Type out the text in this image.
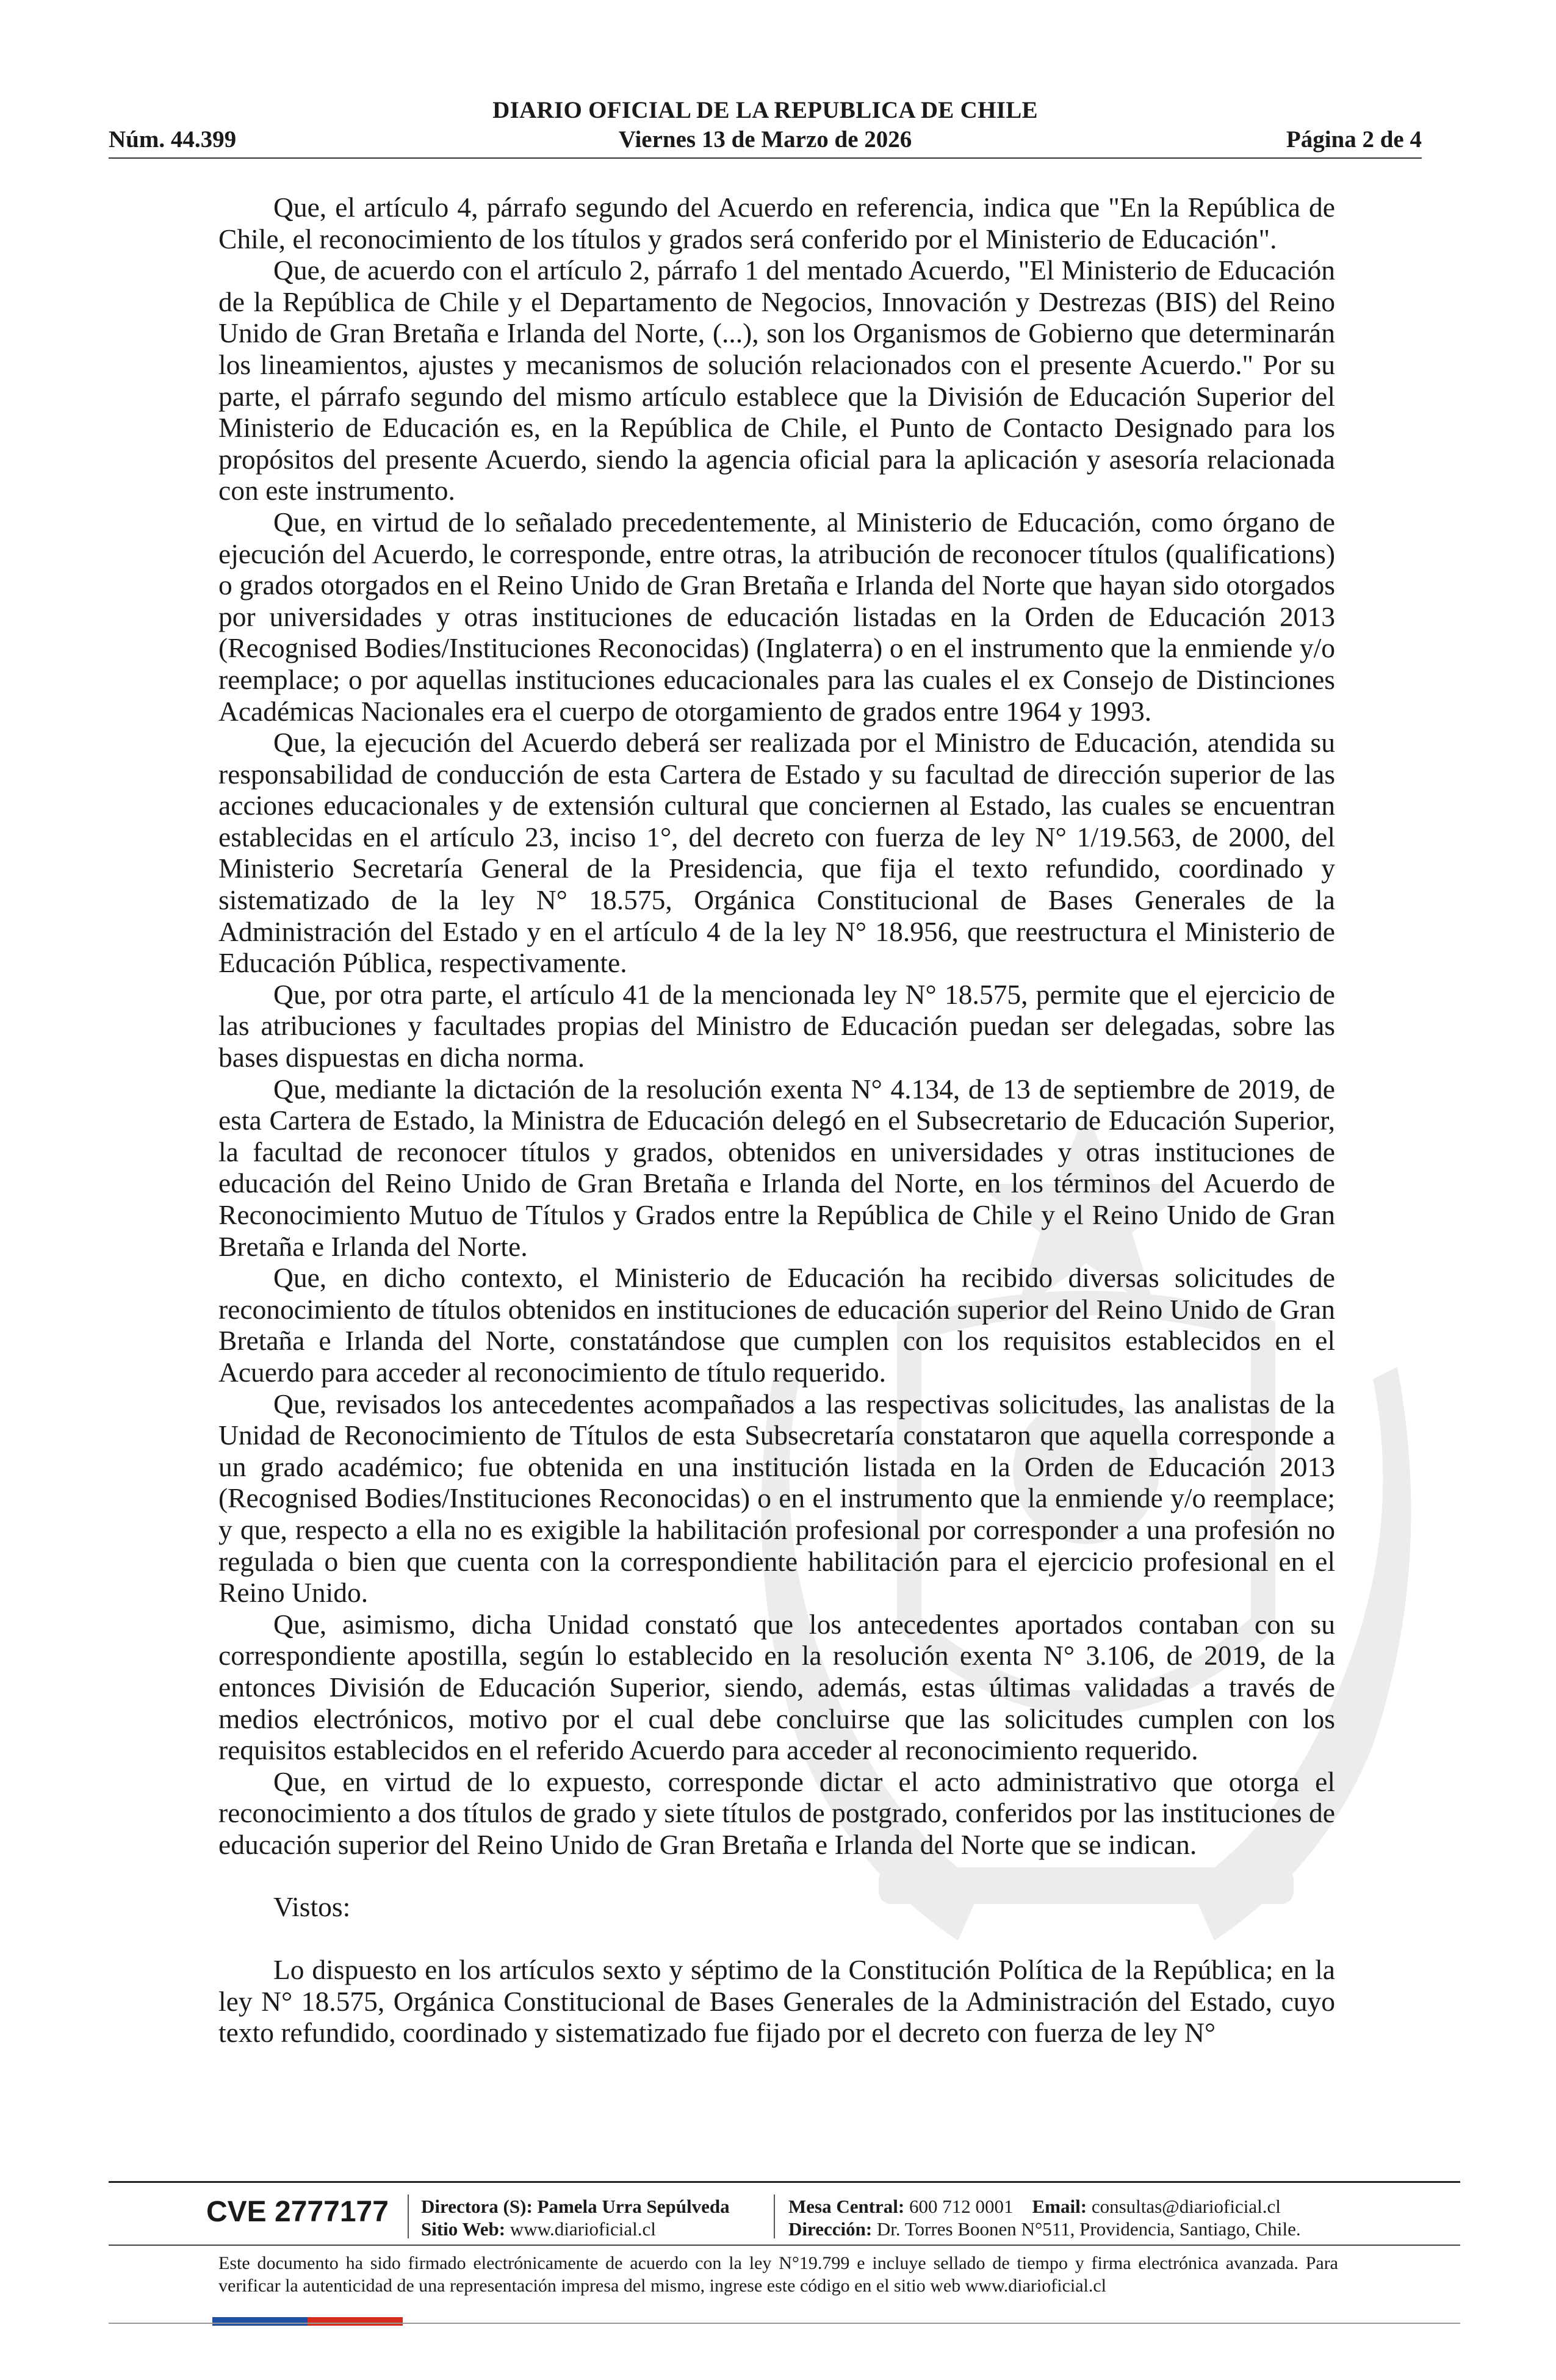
DIARIO OFICIAL DE LA REPUBLICA DE CHILE
Núm. 44.399	Viernes 13 de Marzo de 2026	Página 2 de 4

Que, el artículo 4, párrafo segundo del Acuerdo en referencia, indica que "En la República de Chile, el reconocimiento de los títulos y grados será conferido por el Ministerio de Educación".

Que, de acuerdo con el artículo 2, párrafo 1 del mentado Acuerdo, "El Ministerio de Educación de la República de Chile y el Departamento de Negocios, Innovación y Destrezas (BIS) del Reino Unido de Gran Bretaña e Irlanda del Norte, (...), son los Organismos de Gobierno que determinarán los lineamientos, ajustes y mecanismos de solución relacionados con el presente Acuerdo." Por su parte, el párrafo segundo del mismo artículo establece que la División de Educación Superior del Ministerio de Educación es, en la República de Chile, el Punto de Contacto Designado para los propósitos del presente Acuerdo, siendo la agencia oficial para la aplicación y asesoría relacionada con este instrumento.

Que, en virtud de lo señalado precedentemente, al Ministerio de Educación, como órgano de ejecución del Acuerdo, le corresponde, entre otras, la atribución de reconocer títulos (qualifications) o grados otorgados en el Reino Unido de Gran Bretaña e Irlanda del Norte que hayan sido otorgados por universidades y otras instituciones de educación listadas en la Orden de Educación 2013 (Recognised Bodies/Instituciones Reconocidas) (Inglaterra) o en el instrumento que la enmiende y/o reemplace; o por aquellas instituciones educacionales para las cuales el ex Consejo de Distinciones Académicas Nacionales era el cuerpo de otorgamiento de grados entre 1964 y 1993.

Que, la ejecución del Acuerdo deberá ser realizada por el Ministro de Educación, atendida su responsabilidad de conducción de esta Cartera de Estado y su facultad de dirección superior de las acciones educacionales y de extensión cultural que conciernen al Estado, las cuales se encuentran establecidas en el artículo 23, inciso 1°, del decreto con fuerza de ley N° 1/19.563, de 2000, del Ministerio Secretaría General de la Presidencia, que fija el texto refundido, coordinado y sistematizado de la ley N° 18.575, Orgánica Constitucional de Bases Generales de la Administración del Estado y en el artículo 4 de la ley N° 18.956, que reestructura el Ministerio de Educación Pública, respectivamente.

Que, por otra parte, el artículo 41 de la mencionada ley N° 18.575, permite que el ejercicio de las atribuciones y facultades propias del Ministro de Educación puedan ser delegadas, sobre las bases dispuestas en dicha norma.

Que, mediante la dictación de la resolución exenta N° 4.134, de 13 de septiembre de 2019, de esta Cartera de Estado, la Ministra de Educación delegó en el Subsecretario de Educación Superior, la facultad de reconocer títulos y grados, obtenidos en universidades y otras instituciones de educación del Reino Unido de Gran Bretaña e Irlanda del Norte, en los términos del Acuerdo de Reconocimiento Mutuo de Títulos y Grados entre la República de Chile y el Reino Unido de Gran Bretaña e Irlanda del Norte.

Que, en dicho contexto, el Ministerio de Educación ha recibido diversas solicitudes de reconocimiento de títulos obtenidos en instituciones de educación superior del Reino Unido de Gran Bretaña e Irlanda del Norte, constatándose que cumplen con los requisitos establecidos en el Acuerdo para acceder al reconocimiento de título requerido.

Que, revisados los antecedentes acompañados a las respectivas solicitudes, las analistas de la Unidad de Reconocimiento de Títulos de esta Subsecretaría constataron que aquella corresponde a un grado académico; fue obtenida en una institución listada en la Orden de Educación 2013 (Recognised Bodies/Instituciones Reconocidas) o en el instrumento que la enmiende y/o reemplace; y que, respecto a ella no es exigible la habilitación profesional por corresponder a una profesión no regulada o bien que cuenta con la correspondiente habilitación para el ejercicio profesional en el Reino Unido.

Que, asimismo, dicha Unidad constató que los antecedentes aportados contaban con su correspondiente apostilla, según lo establecido en la resolución exenta N° 3.106, de 2019, de la entonces División de Educación Superior, siendo, además, estas últimas validadas a través de medios electrónicos, motivo por el cual debe concluirse que las solicitudes cumplen con los requisitos establecidos en el referido Acuerdo para acceder al reconocimiento requerido.

Que, en virtud de lo expuesto, corresponde dictar el acto administrativo que otorga el reconocimiento a dos títulos de grado y siete títulos de postgrado, conferidos por las instituciones de educación superior del Reino Unido de Gran Bretaña e Irlanda del Norte que se indican.

Vistos:

Lo dispuesto en los artículos sexto y séptimo de la Constitución Política de la República; en la ley N° 18.575, Orgánica Constitucional de Bases Generales de la Administración del Estado, cuyo texto refundido, coordinado y sistematizado fue fijado por el decreto con fuerza de ley N°

CVE 2777177	Directora (S): Pamela Urra Sepúlveda
Sitio Web: www.diarioficial.cl
Mesa Central: 600 712 0001 Email: consultas@diarioficial.cl
Dirección: Dr. Torres Boonen N°511, Providencia, Santiago, Chile.
Este documento ha sido firmado electrónicamente de acuerdo con la ley N°19.799 e incluye sellado de tiempo y firma electrónica avanzada. Para verificar la autenticidad de una representación impresa del mismo, ingrese este código en el sitio web www.diarioficial.cl
